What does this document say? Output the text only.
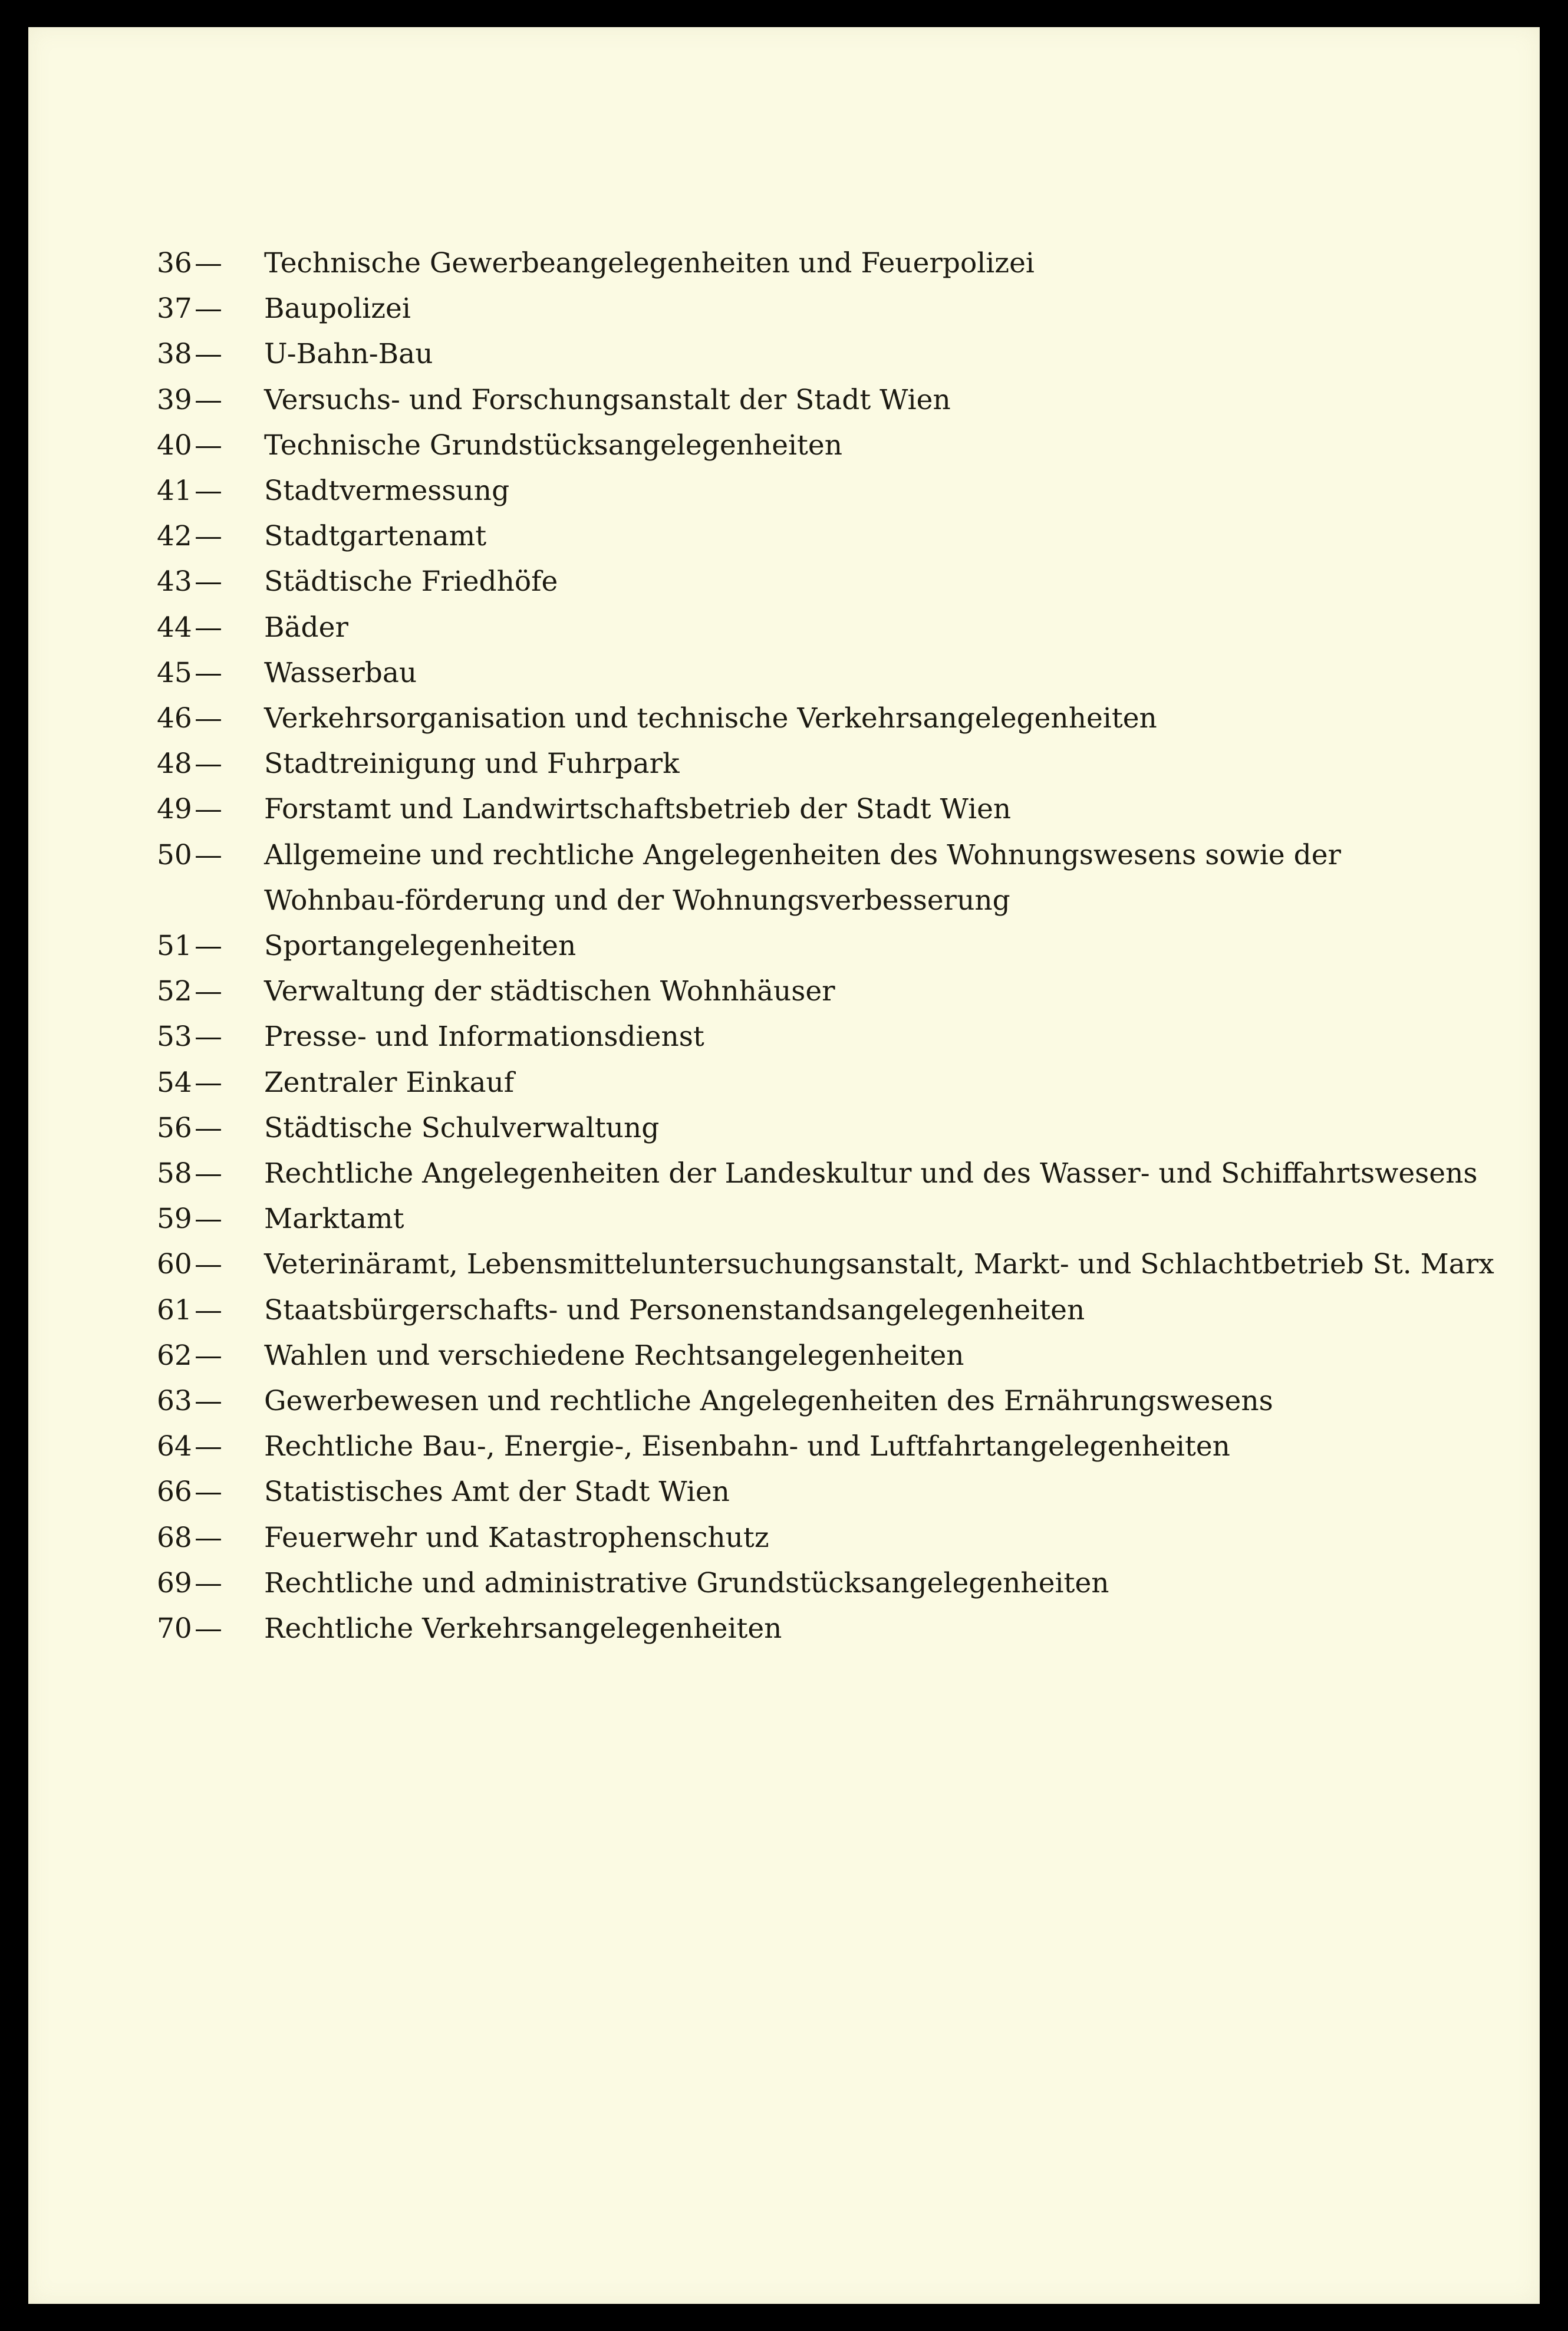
36 — Technische Gewerbeangelegenheiten und Feuerpolizei
37 — Baupolizei
38 — U-Bahn-Bau
39 — Versuchs- und Forschungsanstalt der Stadt Wien
40 — Technische Grundstücksangelegenheiten
41 — Stadtvermessung
42 — Stadtgartenamt
43 — Städtische Friedhöfe
44 — Bäder
45 — Wasserbau
46 — Verkehrsorganisation und technische Verkehrsangelegenheiten
48 — Stadtreinigung und Fuhrpark
49 — Forstamt und Landwirtschaftsbetrieb der Stadt Wien
50 — Allgemeine und rechtliche Angelegenheiten des Wohnungswesens sowie der Wohnbau-förderung und der Wohnungsverbesserung
51 — Sportangelegenheiten
52 — Verwaltung der städtischen Wohnhäuser
53 — Presse- und Informationsdienst
54 — Zentraler Einkauf
56 — Städtische Schulverwaltung
58 — Rechtliche Angelegenheiten der Landeskultur und des Wasser- und Schiffahrtswesens
59 — Marktamt
60 — Veterinäramt, Lebensmitteluntersuchungsanstalt, Markt- und Schlachtbetrieb St. Marx
61 — Staatsbürgerschafts- und Personenstandsangelegenheiten
62 — Wahlen und verschiedene Rechtsangelegenheiten
63 — Gewerbewesen und rechtliche Angelegenheiten des Ernährungswesens
64 — Rechtliche Bau-, Energie-, Eisenbahn- und Luftfahrtangelegenheiten
66 — Statistisches Amt der Stadt Wien
68 — Feuerwehr und Katastrophenschutz
69 — Rechtliche und administrative Grundstücksangelegenheiten
70 — Rechtliche Verkehrsangelegenheiten
